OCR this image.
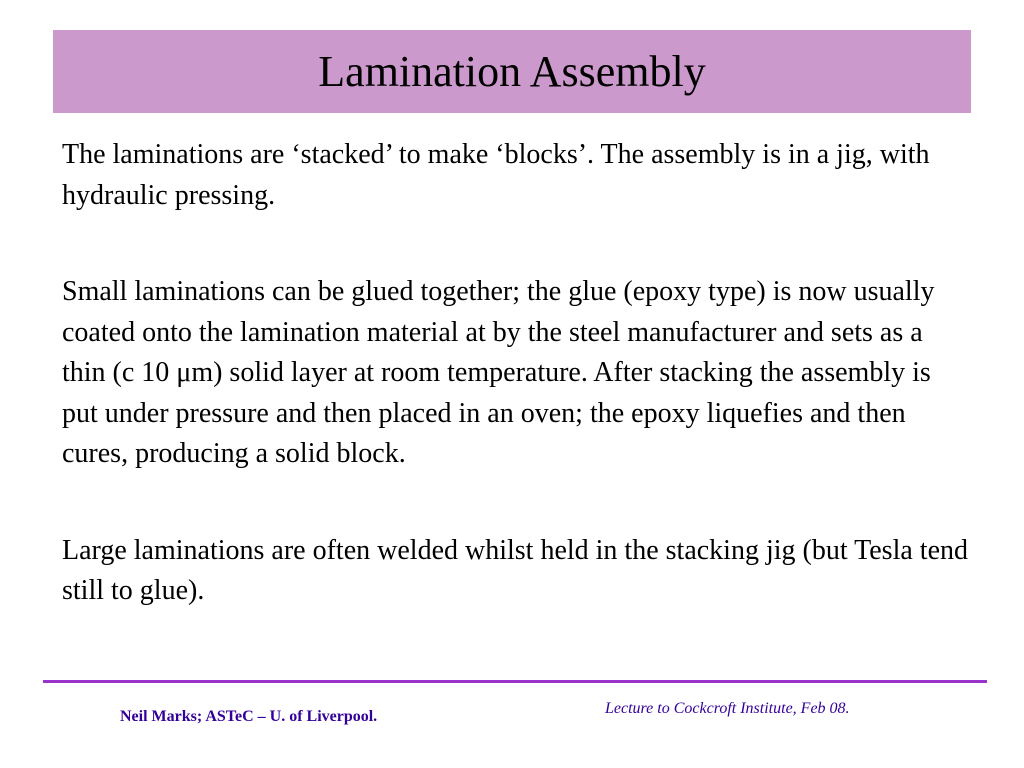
Lamination Assembly

The laminations are ‘stacked’ to make ‘blocks’. The assembly is in a jig, with hydraulic pressing.

Small laminations can be glued together; the glue (epoxy type) is now usually coated onto the lamination material at by the steel manufacturer and sets as a thin (c 10 μm) solid layer at room temperature. After stacking the assembly is put under pressure and then placed in an oven; the epoxy liquefies and then cures, producing a solid block.

Large laminations are often welded whilst held in the stacking jig (but Tesla tend still to glue).

Neil Marks; ASTeC – U. of Liverpool.	Lecture to Cockcroft Institute, Feb 08.
